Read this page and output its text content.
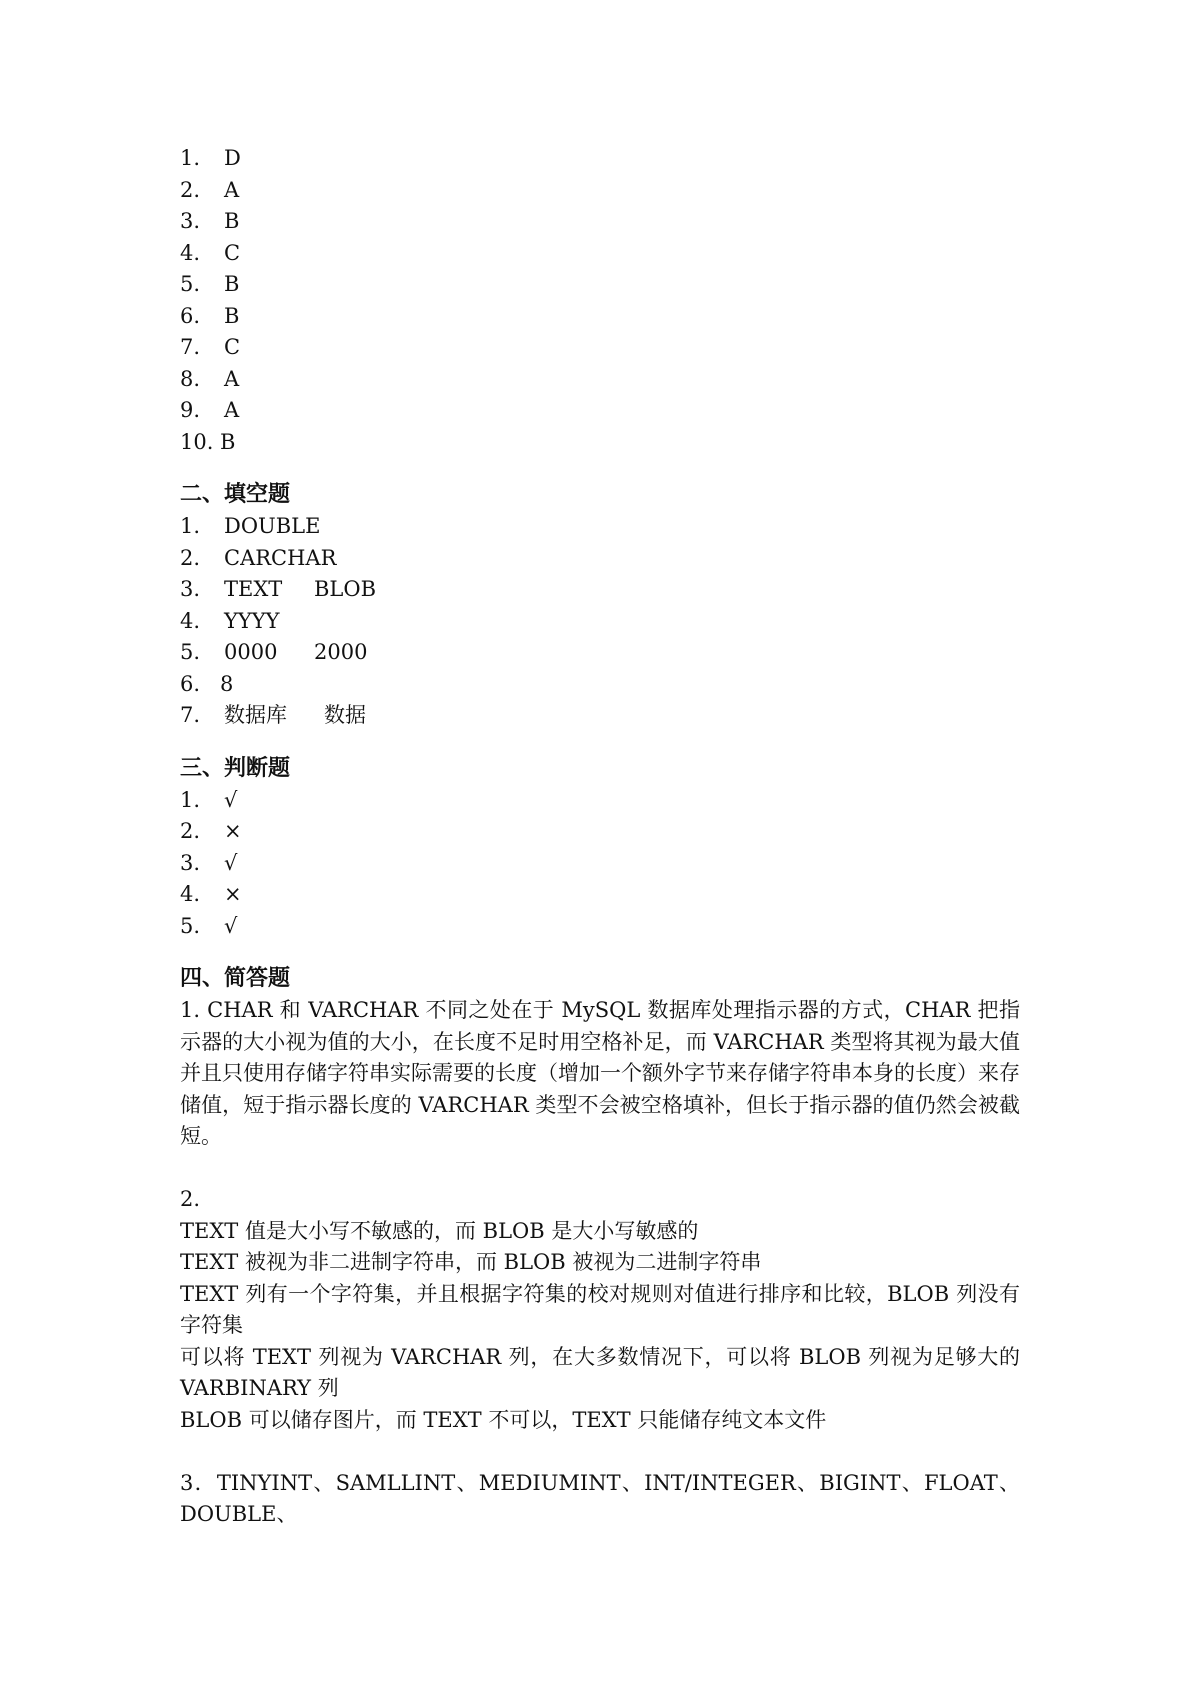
1. D
2. A
3. B
4. C
5. B
6. B
7. C
8. A
9. A
10. B
二、填空题
1. DOUBLE
2. CARCHAR
3. TEXT BLOB
4. YYYY
5. 0000 2000
6. 8
7. 数据库 数据
三、判断题
1. √
2. ×
3. √
4. ×
5. √
四、简答题
1. CHAR 和 VARCHAR 不同之处在于 MySQL 数据库处理指示器的方式，CHAR 把指示器的大小视为值的大小，在长度不足时用空格补足，而 VARCHAR 类型将其视为最大值并且只使用存储字符串实际需要的长度（增加一个额外字节来存储字符串本身的长度）来存储值，短于指示器长度的 VARCHAR 类型不会被空格填补，但长于指示器的值仍然会被截短。
2.
TEXT 值是大小写不敏感的，而 BLOB 是大小写敏感的
TEXT 被视为非二进制字符串，而 BLOB 被视为二进制字符串
TEXT 列有一个字符集，并且根据字符集的校对规则对值进行排序和比较，BLOB 列没有字符集
可以将 TEXT 列视为 VARCHAR 列，在大多数情况下，可以将 BLOB 列视为足够大的 VARBINARY 列
BLOB 可以储存图片，而 TEXT 不可以，TEXT 只能储存纯文本文件
3．TINYINT、SAMLLINT、MEDIUMINT、INT/INTEGER、BIGINT、FLOAT、DOUBLE、
